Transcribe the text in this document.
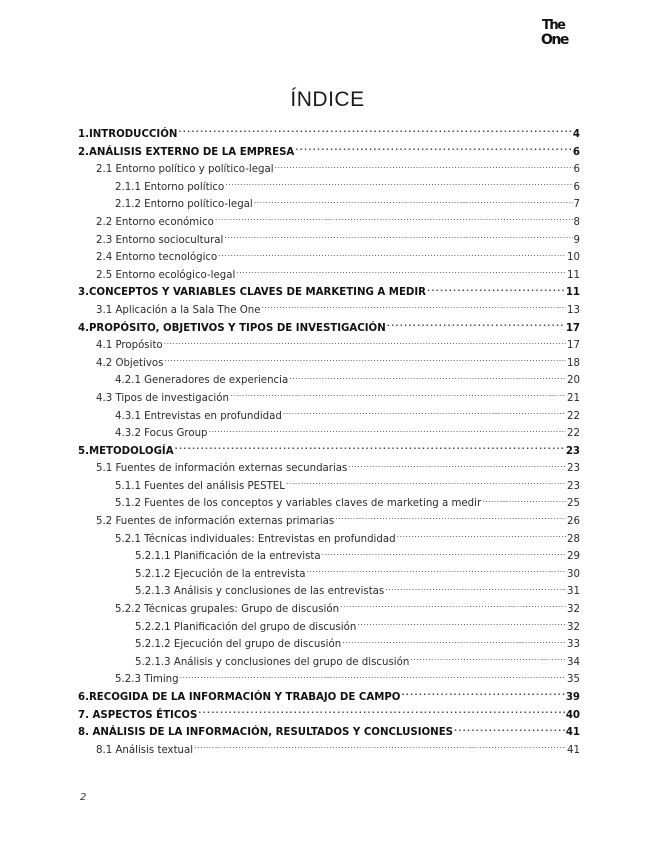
The
One
ÍNDICE
1.INTRODUCCIÓN .....	4
2.ANÁLISIS EXTERNO DE LA EMPRESA .....	6
2.1 Entorno político y político-legal .....	6
2.1.1 Entorno político .....	6
2.1.2 Entorno político-legal .....	7
2.2 Entorno económico .....	8
2.3 Entorno sociocultural .....	9
2.4 Entorno tecnológico .....	10
2.5 Entorno ecológico-legal .....	11
3.CONCEPTOS Y VARIABLES CLAVES DE MARKETING A MEDIR .....	11
3.1 Aplicación a la Sala The One .....	13
4.PROPÓSITO, OBJETIVOS Y TIPOS DE INVESTIGACIÓN .....	17
4.1 Propósito .....	17
4.2 Objetivos .....	18
4.2.1 Generadores de experiencia .....	20
4.3 Tipos de investigación .....	21
4.3.1 Entrevistas en profundidad .....	22
4.3.2 Focus Group .....	22
5.METODOLOGÍA .....	23
5.1 Fuentes de información externas secundarias .....	23
5.1.1 Fuentes del análisis PESTEL .....	23
5.1.2 Fuentes de los conceptos y variables claves de marketing a medir .....	25
5.2 Fuentes de información externas primarias .....	26
5.2.1 Técnicas individuales: Entrevistas en profundidad .....	28
5.2.1.1 Planificación de la entrevista .....	29
5.2.1.2 Ejecución de la entrevista .....	30
5.2.1.3 Análisis y conclusiones de las entrevistas .....	31
5.2.2 Técnicas grupales: Grupo de discusión .....	32
5.2.2.1 Planificación del grupo de discusión .....	32
5.2.1.2 Ejecución del grupo de discusión .....	33
5.2.1.3 Análisis y conclusiones del grupo de discusión .....	34
5.2.3 Timing .....	35
6.RECOGIDA DE LA INFORMACIÓN Y TRABAJO DE CAMPO .....	39
7. ASPECTOS ÉTICOS .....	40
8. ANÁLISIS DE LA INFORMACIÓN, RESULTADOS Y CONCLUSIONES .....	41
8.1 Análisis textual .....	41
2
